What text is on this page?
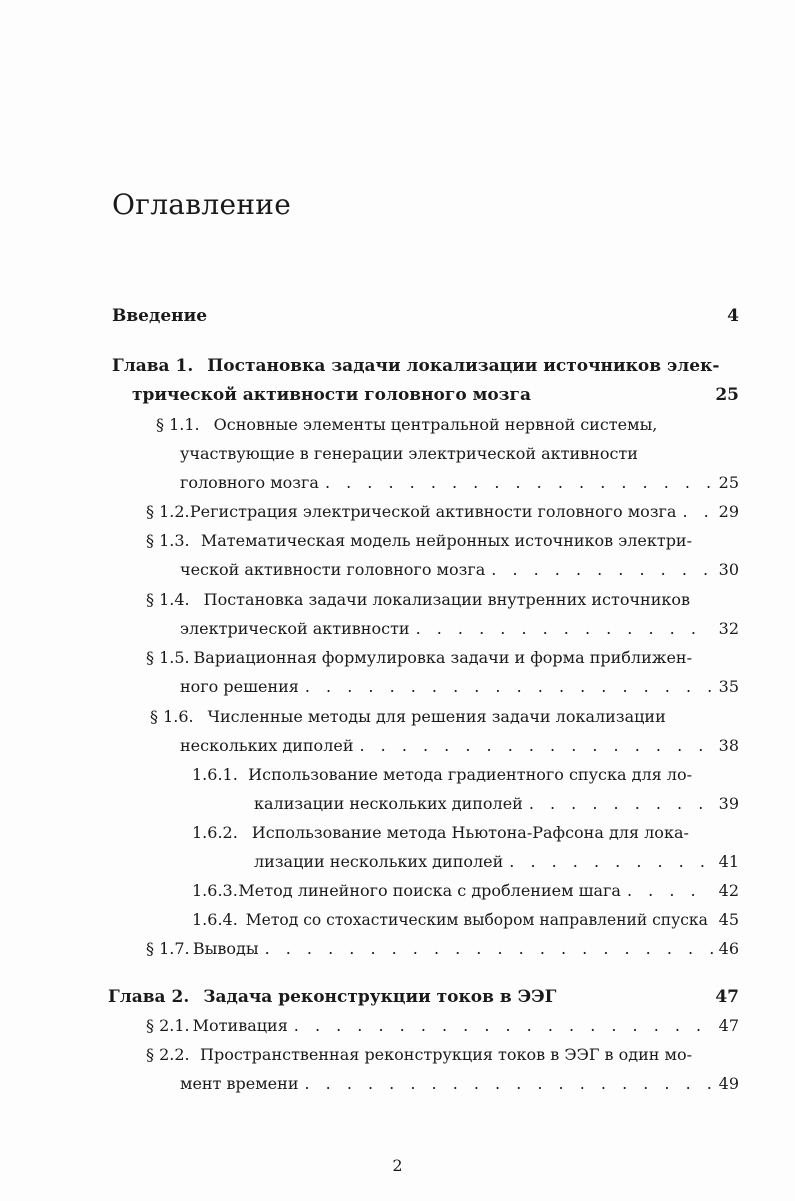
Оглавление
Введение	4
Глава 1. Постановка задачи локализации источников элек-
трической активности головного мозга	25
§ 1.1. Основные элементы центральной нервной системы,
участвующие в генерации электрической активности
головного мозга . . .	25
§ 1.2. Регистрация электрической активности головного мозга . . .	29
§ 1.3. Математическая модель нейронных источников электри-
ческой активности головного мозга . . .	30
§ 1.4. Постановка задачи локализации внутренних источников
электрической активности . . .	32
§ 1.5. Вариационная формулировка задачи и форма приближен-
ного решения . . .	35
§ 1.6. Численные методы для решения задачи локализации
нескольких диполей . . .	38
1.6.1. Использование метода градиентного спуска для ло-
кализации нескольких диполей . . .	39
1.6.2. Использование метода Ньютона-Рафсона для лока-
лизации нескольких диполей . . .	41
1.6.3. Метод линейного поиска с дроблением шага . . .	42
1.6.4. Метод со стохастическим выбором направлений спуска 45
§ 1.7. Выводы . . .	46
Глава 2. Задача реконструкции токов в ЭЭГ	47
§ 2.1. Мотивация . . .	47
§ 2.2. Пространственная реконструкция токов в ЭЭГ в один мо-
мент времени . . .	49
2
